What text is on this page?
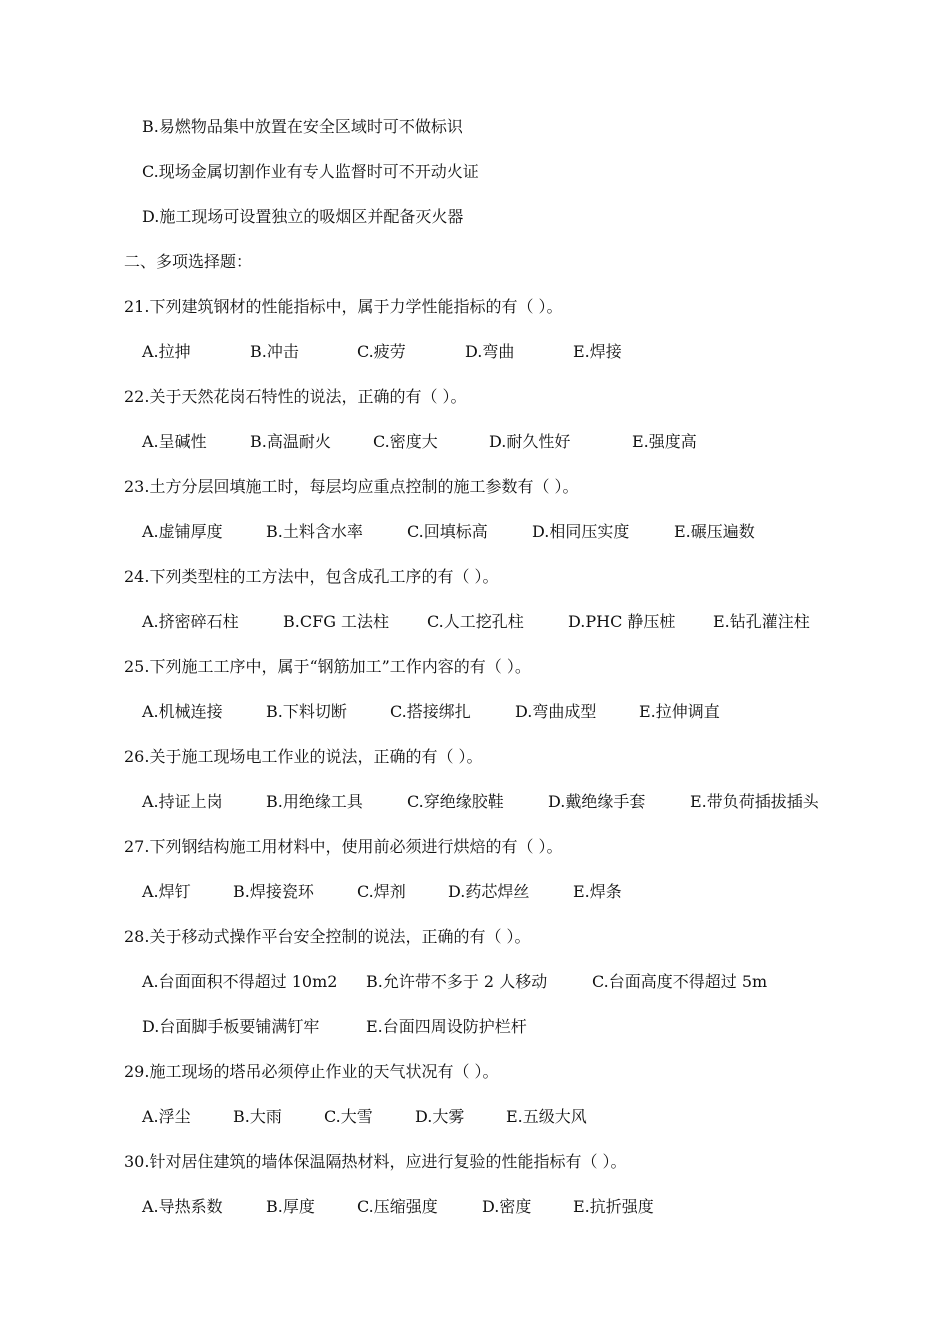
B.易燃物品集中放置在安全区域时可不做标识
C.现场金属切割作业有专人监督时可不开动火证
D.施工现场可设置独立的吸烟区并配备灭火器
二、多项选择题：
21.下列建筑钢材的性能指标中，属于力学性能指标的有（ ）。
A.拉抻	B.冲击	C.疲劳	D.弯曲	E.焊接
22.关于天然花岗石特性的说法，正确的有（ ）。
A.呈碱性	B.高温耐火	C.密度大	D.耐久性好	E.强度高
23.土方分层回填施工时，每层均应重点控制的施工参数有（ ）。
A.虚铺厚度	B.土料含水率	C.回填标高	D.相同压实度	E.碾压遍数
24.下列类型柱的工方法中，包含成孔工序的有（ ）。
A.挤密碎石柱	B.CFG 工法柱 C.人工挖孔柱	D.PHC 静压桩 E.钻孔灌注柱
25.下列施工工序中，属于“钢筋加工”工作内容的有（ ）。
A.机械连接	B.下料切断	C.搭接绑扎	D.弯曲成型	E.拉伸调直
26.关于施工现场电工作业的说法，正确的有（ ）。
A.持证上岗	B.用绝缘工具	C.穿绝缘胶鞋	D.戴绝缘手套	E.带负荷插拔插头
27.下列钢结构施工用材料中，使用前必须进行烘焙的有（ ）。
A.焊钉	B.焊接瓷环	C.焊剂	D.药芯焊丝	E.焊条
28.关于移动式操作平台安全控制的说法，正确的有（ ）。
A.台面面积不得超过 10m2 B.允许带不多于 2 人移动	C.台面高度不得超过 5m
D.台面脚手板要铺满钉牢	E.台面四周设防护栏杆
29.施工现场的塔吊必须停止作业的天气状况有（ ）。
A.浮尘	B.大雨	C.大雪	D.大雾	E.五级大风
30.针对居住建筑的墙体保温隔热材料，应进行复验的性能指标有（ ）。
A.导热系数	B.厚度	C.压缩强度	D.密度	E.抗折强度
